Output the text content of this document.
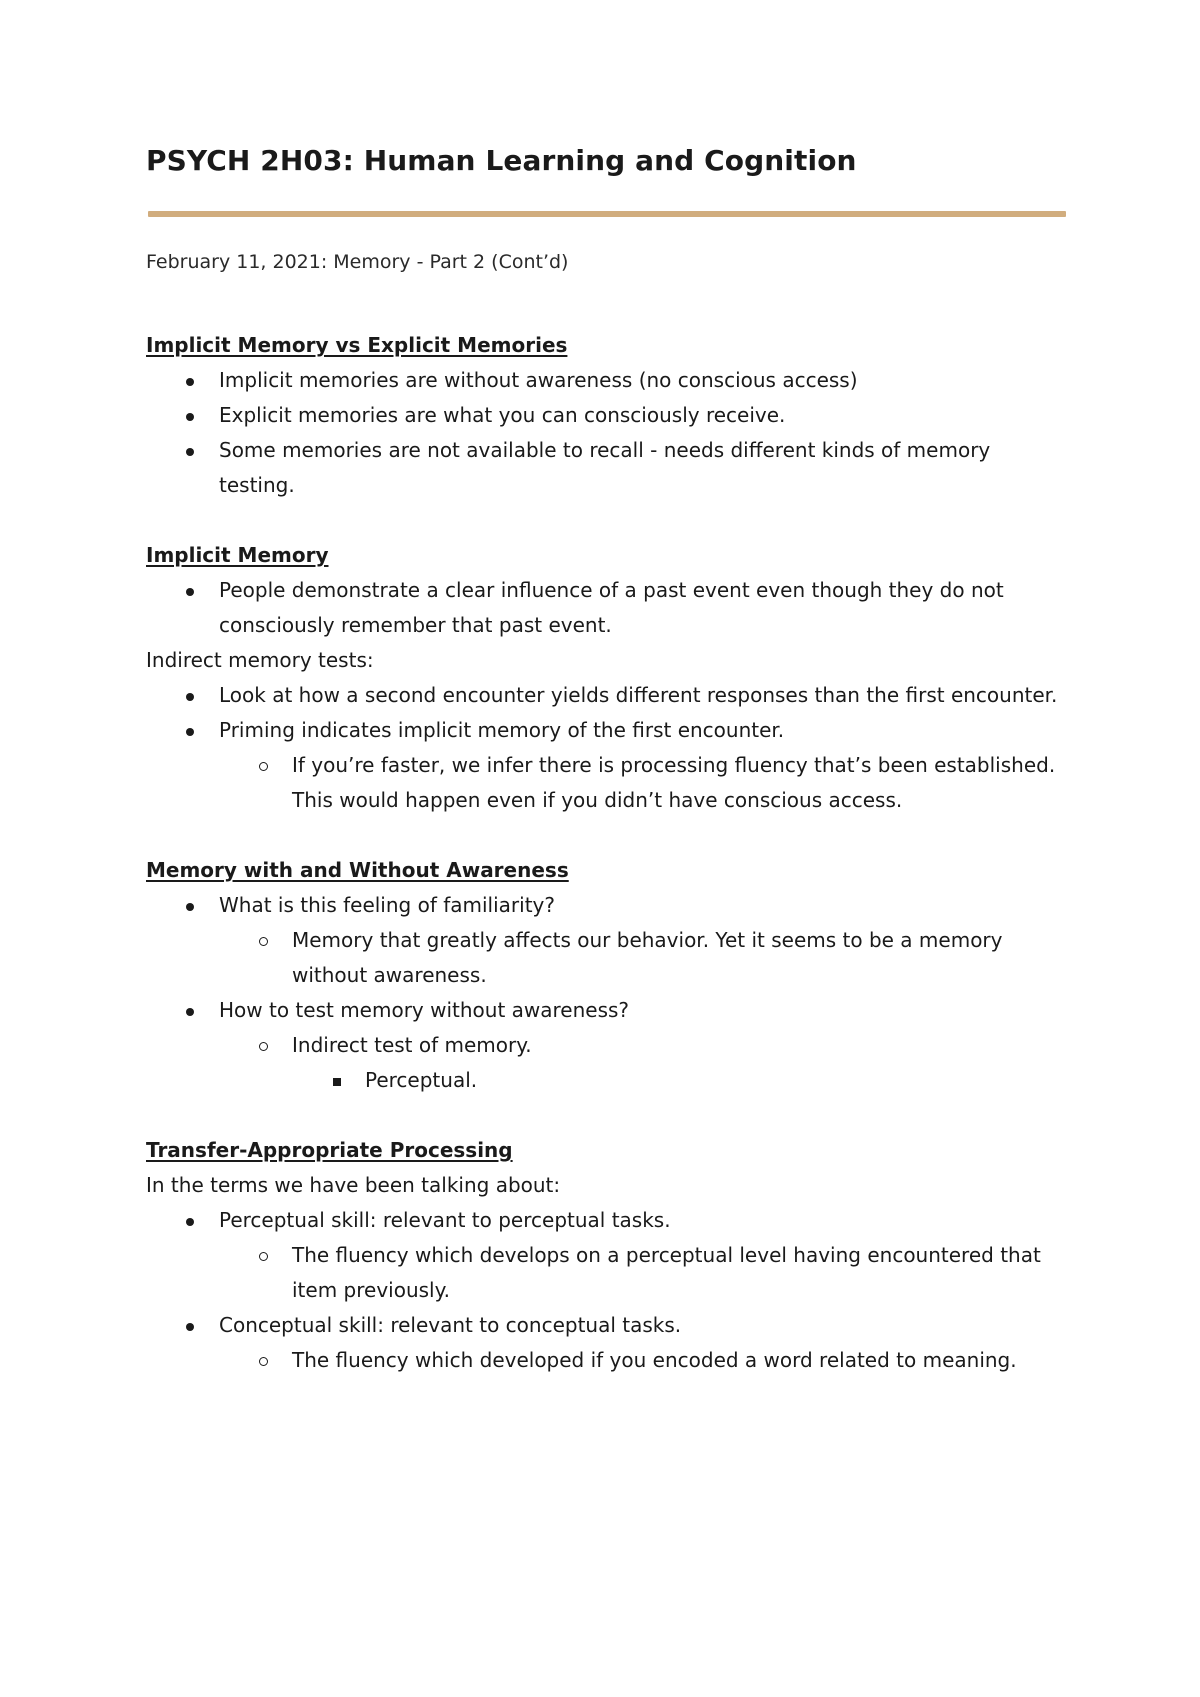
PSYCH 2H03: Human Learning and Cognition
February 11, 2021: Memory - Part 2 (Cont’d)

Implicit Memory vs Explicit Memories

Implicit memories are without awareness (no conscious access)
Explicit memories are what you can consciously receive.
Some memories are not available to recall - needs different kinds of memory testing.

Implicit Memory

People demonstrate a clear influence of a past event even though they do not consciously remember that past event.

Indirect memory tests:

Look at how a second encounter yields different responses than the first encounter.
Priming indicates implicit memory of the first encounter.
If you’re faster, we infer there is processing fluency that’s been established. This would happen even if you didn’t have conscious access.

Memory with and Without Awareness

What is this feeling of familiarity?
Memory that greatly affects our behavior. Yet it seems to be a memory without awareness.
How to test memory without awareness?
Indirect test of memory.
Perceptual.

Transfer-Appropriate Processing

In the terms we have been talking about:

Perceptual skill: relevant to perceptual tasks.
The fluency which develops on a perceptual level having encountered that item previously.
Conceptual skill: relevant to conceptual tasks.
The fluency which developed if you encoded a word related to meaning.
